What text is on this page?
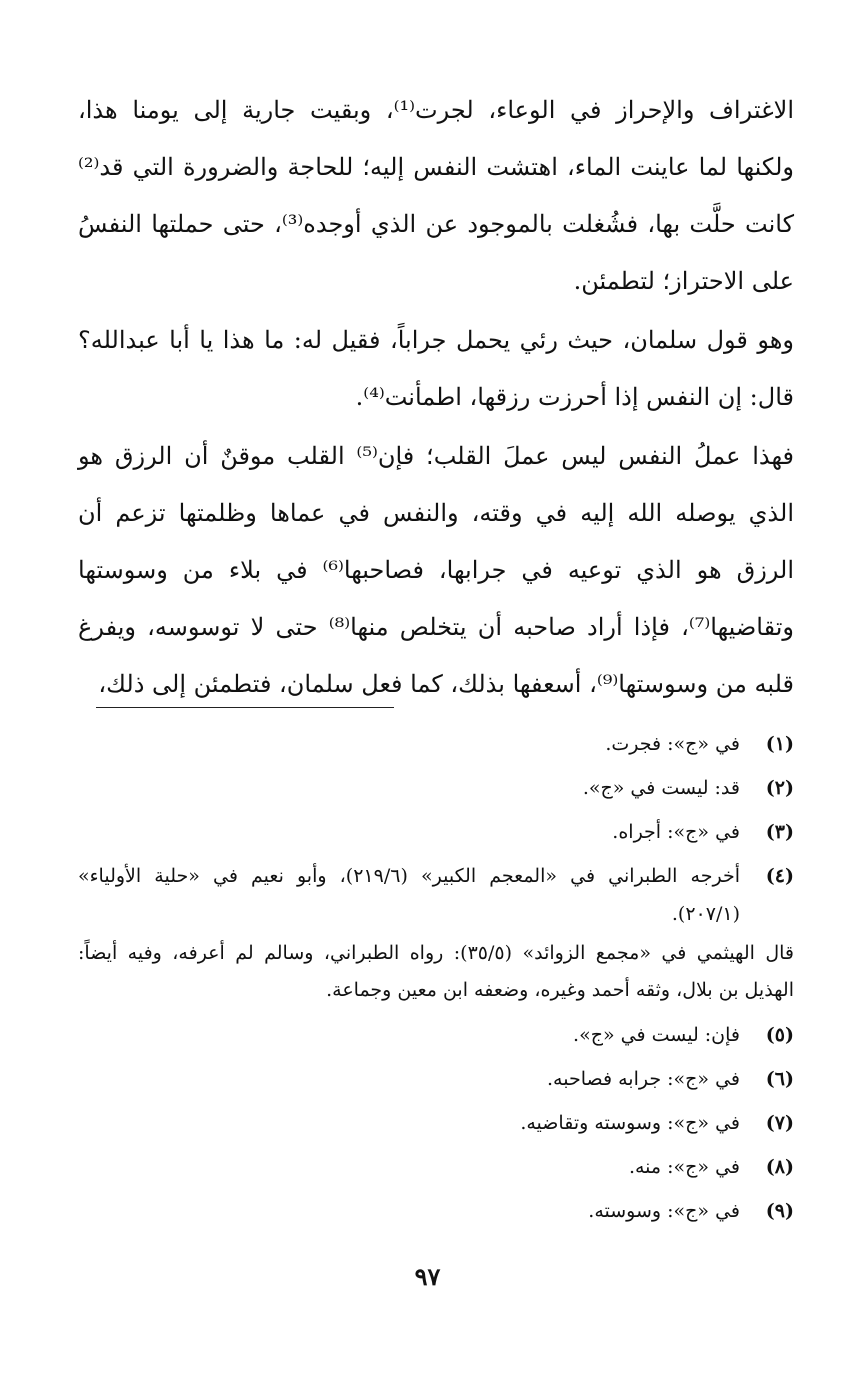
الاغتراف والإحراز في الوعاء، لجرت⁽¹⁾، وبقيت جارية إلى يومنا هذا، ولكنها لما عاينت الماء، اهتشت النفس إليه؛ للحاجة والضرورة التي قد⁽²⁾ كانت حلَّت بها، فشُغلت بالموجود عن الذي أوجده⁽³⁾، حتى حملتها النفسُ على الاحتراز؛ لتطمئن.

وهو قول سلمان، حيث رئي يحمل جراباً، فقيل له: ما هذا يا أبا عبدالله؟ قال: إن النفس إذا أحرزت رزقها، اطمأنت⁽⁴⁾.

فهذا عملُ النفس ليس عملَ القلب؛ فإن⁽⁵⁾ القلب موقنٌ أن الرزق هو الذي يوصله الله إليه في وقته، والنفس في عماها وظلمتها تزعم أن الرزق هو الذي توعيه في جرابها، فصاحبها⁽⁶⁾ في بلاء من وسوستها وتقاضيها⁽⁷⁾، فإذا أراد صاحبه أن يتخلص منها⁽⁸⁾ حتى لا توسوسه، ويفرغ قلبه من وسوستها⁽⁹⁾، أسعفها بذلك، كما فعل سلمان، فتطمئن إلى ذلك،

(١)
في «ج»: فجرت.
(٢)
قد: ليست في «ج».
(٣)
في «ج»: أجراه.
(٤)
أخرجه الطبراني في «المعجم الكبير» (٢١٩/٦)، وأبو نعيم في «حلية الأولياء» (٢٠٧/١).
قال الهيثمي في «مجمع الزوائد» (٣٥/٥): رواه الطبراني، وسالم لم أعرفه، وفيه أيضاً: الهذيل بن بلال، وثقه أحمد وغيره، وضعفه ابن معين وجماعة.
(٥)
فإن: ليست في «ج».
(٦)
في «ج»: جرابه فصاحبه.
(٧)
في «ج»: وسوسته وتقاضيه.
(٨)
في «ج»: منه.
(٩)
في «ج»: وسوسته.
٩٧
